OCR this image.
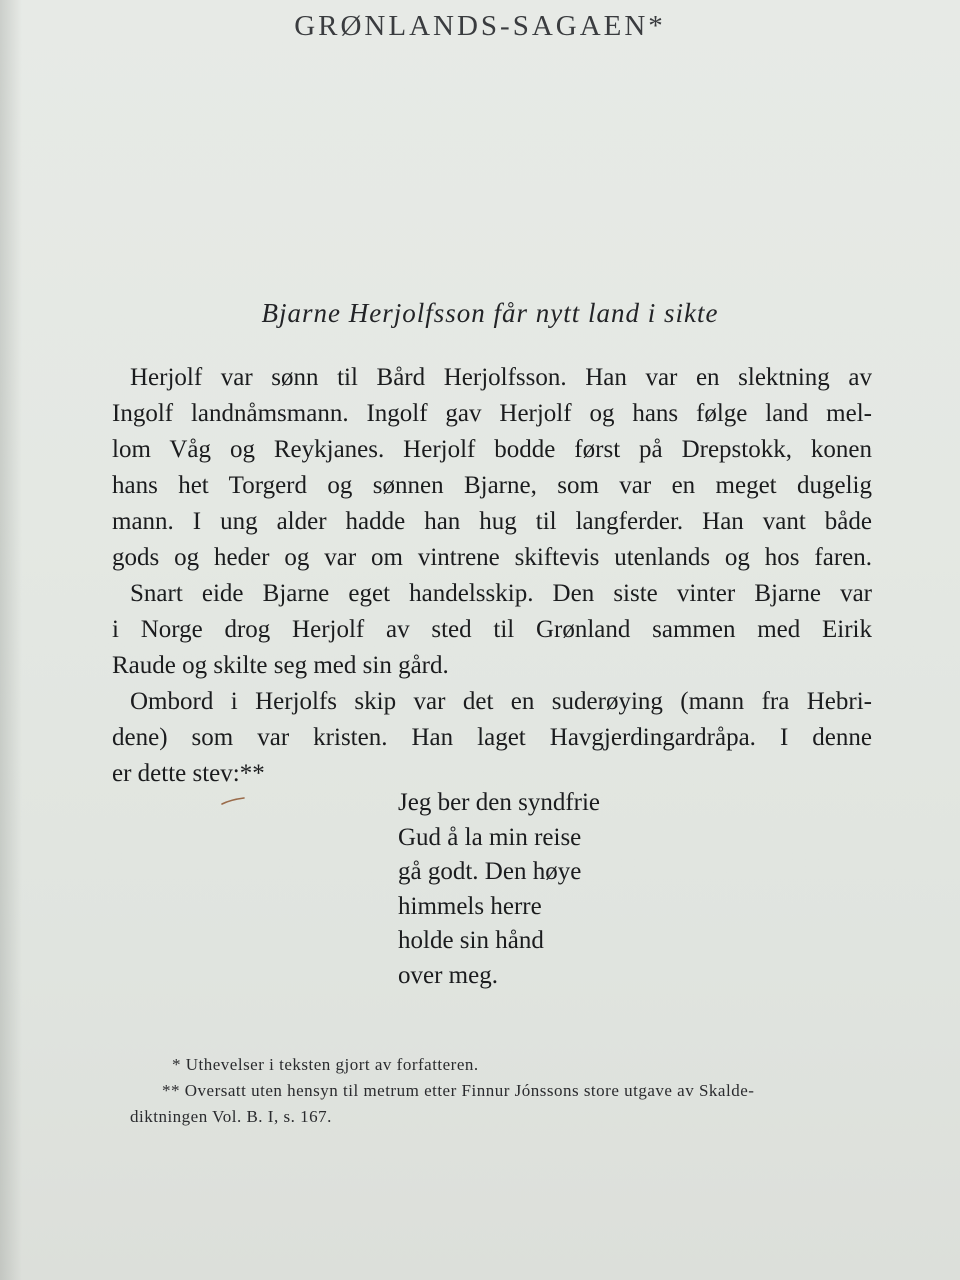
GRØNLANDS-SAGAEN*
Bjarne Herjolfsson får nytt land i sikte
Herjolf var sønn til Bård Herjolfsson. Han var en slektning av
Ingolf landnåmsmann. Ingolf gav Herjolf og hans følge land mel-
lom Våg og Reykjanes. Herjolf bodde først på Drepstokk, konen
hans het Torgerd og sønnen Bjarne, som var en meget dugelig
mann. I ung alder hadde han hug til langferder. Han vant både
gods og heder og var om vintrene skiftevis utenlands og hos faren.
Snart eide Bjarne eget handelsskip. Den siste vinter Bjarne var
i Norge drog Herjolf av sted til Grønland sammen med Eirik
Raude og skilte seg med sin gård.
Ombord i Herjolfs skip var det en suderøying (mann fra Hebri-
dene) som var kristen. Han laget Havgjerdingardråpa. I denne
er dette stev:**
Jeg ber den syndfrie
Gud å la min reise
gå godt. Den høye
himmels herre
holde sin hånd
over meg.
* Uthevelser i teksten gjort av forfatteren.
** Oversatt uten hensyn til metrum etter Finnur Jónssons store utgave av Skalde-
diktningen Vol. B. I, s. 167.
